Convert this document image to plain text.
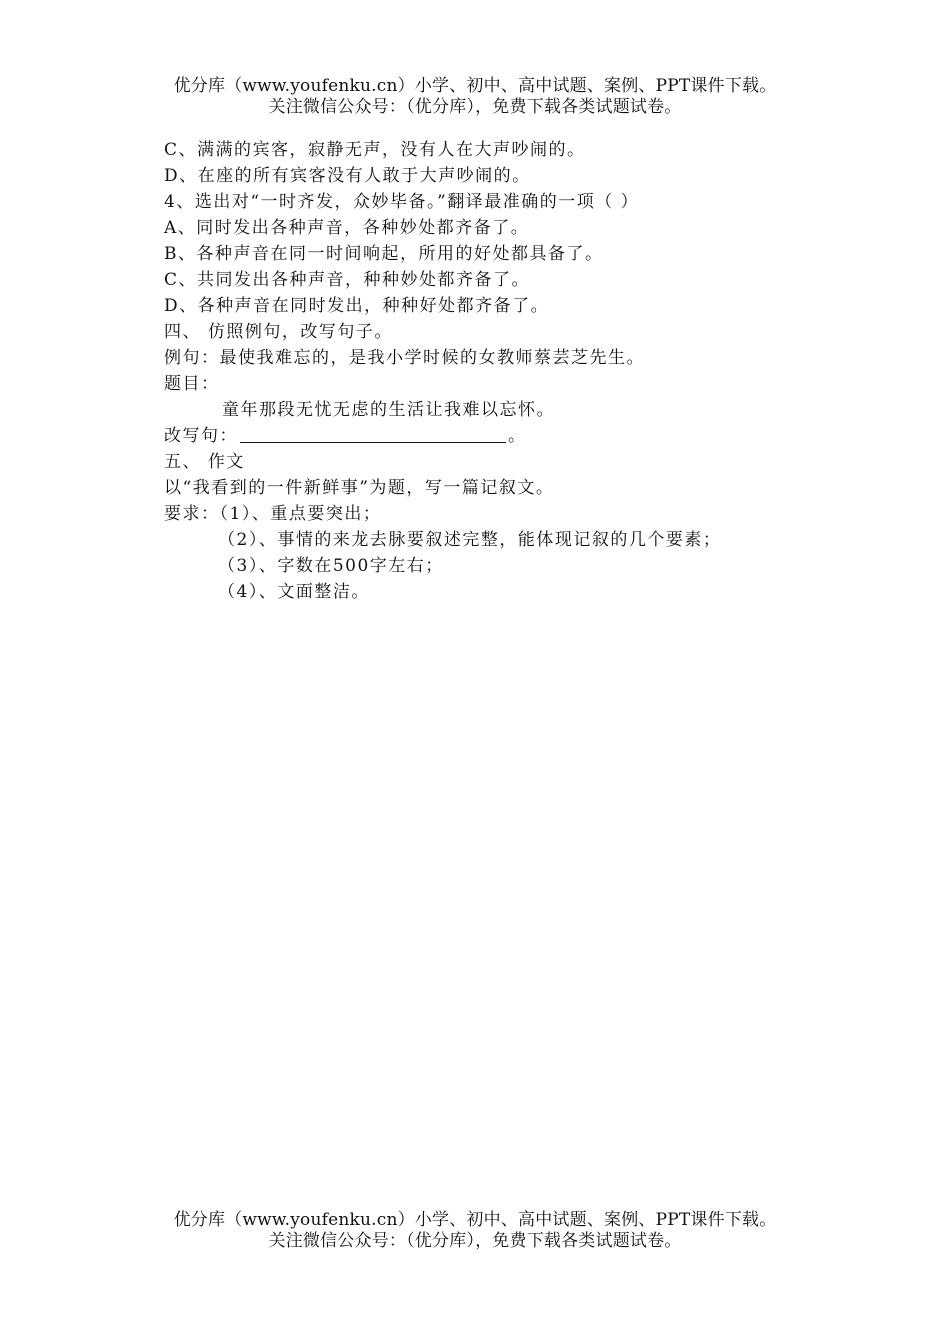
优分库（www.youfenku.cn）小学、初中、高中试题、案例、PPT课件下载。
关注微信公众号：（优分库），免费下载各类试题试卷。
C、满满的宾客，寂静无声，没有人在大声吵闹的。
D、在座的所有宾客没有人敢于大声吵闹的。
4、选出对“一时齐发，众妙毕备。”翻译最准确的一项（ ）
A、同时发出各种声音，各种妙处都齐备了。
B、各种声音在同一时间响起，所用的好处都具备了。
C、共同发出各种声音，种种妙处都齐备了。
D、各种声音在同时发出，种种好处都齐备了。
四、 仿照例句，改写句子。
例句：最使我难忘的，是我小学时候的女教师蔡芸芝先生。
题目：
童年那段无忧无虑的生活让我难以忘怀。
改写句：	。
五、 作文
以“我看到的一件新鲜事”为题，写一篇记叙文。
要求：（1）、重点要突出；
（2）、事情的来龙去脉要叙述完整，能体现记叙的几个要素；
（3）、字数在500字左右；
（4）、文面整洁。
优分库（www.youfenku.cn）小学、初中、高中试题、案例、PPT课件下载。
关注微信公众号：（优分库），免费下载各类试题试卷。
